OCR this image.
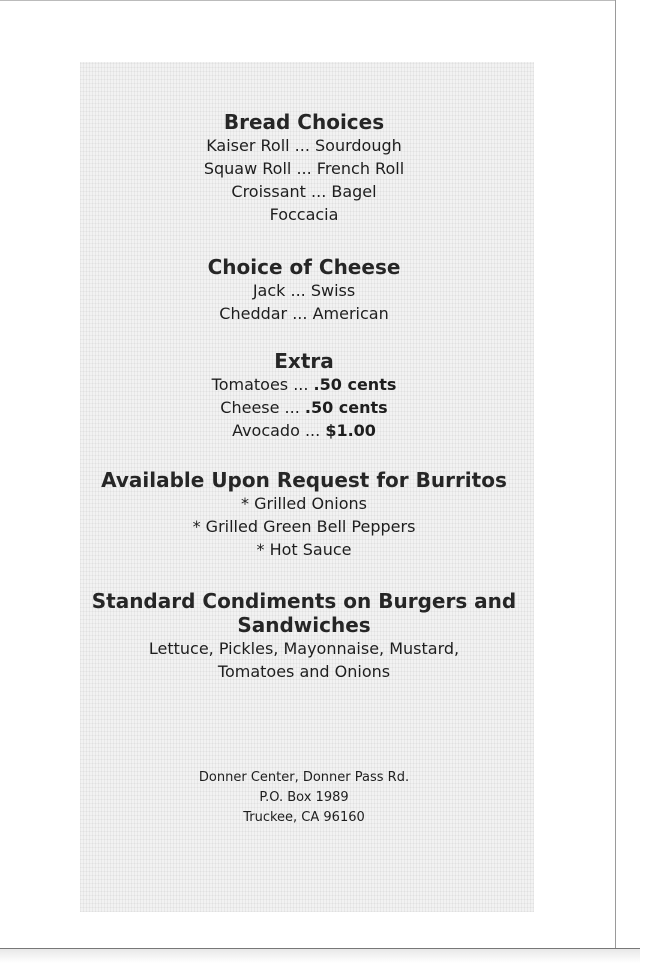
Bread Choices
Kaiser Roll ... Sourdough
Squaw Roll ... French Roll
Croissant ... Bagel
Foccacia
Choice of Cheese
Jack ... Swiss
Cheddar ... American
Extra
Tomatoes ... .50 cents
Cheese ... .50 cents
Avocado ... $1.00
Available Upon Request for Burritos
* Grilled Onions
* Grilled Green Bell Peppers
* Hot Sauce
Standard Condiments on Burgers and
Sandwiches
Lettuce, Pickles, Mayonnaise, Mustard,
Tomatoes and Onions
Donner Center, Donner Pass Rd.
P.O. Box 1989
Truckee, CA 96160
